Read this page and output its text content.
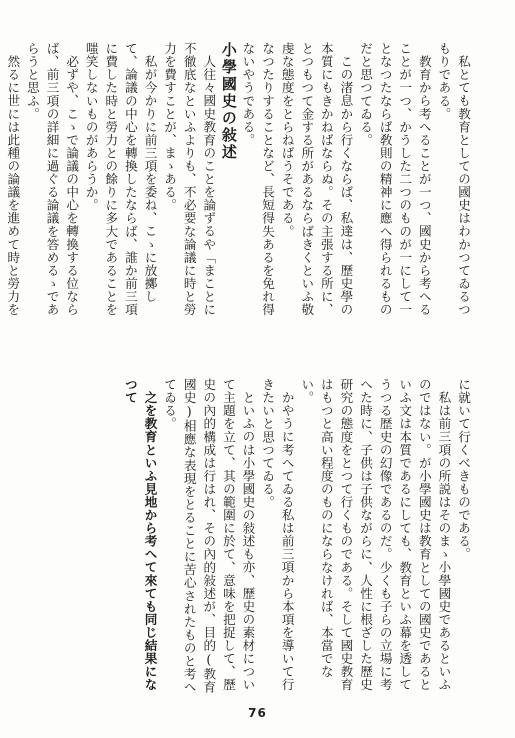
私とても教育としての國史はわかつてゐるつもりである。

教育から考へることが一つ、國史から考へることが一つ、かうした二つのものが一にして一となつたならば敎則の精神に應へ得られるものだと思つてゐる。

この渚息から行くならば、私達は、歷史學の本質にもきかねばならぬ。その主張する所に、とつもつて金する所があるならばきくといふ敬虔な態度をとらねばうそである。

なつたりすることなど、長短得失あるを免れ得ないやうである。

小學國史の敍述

人往々國史教育のことを論ずるや「まことに不徹底なといふよりも、不必要な論議に時と勞力を費すことが、まゝある。

私が今かりに前三項を委ね、こゝに放擲して、論議の中心を轉換したならば、誰か前三項に費した時と勞力との餘りに多大であることを嗤笑しないものがあらうか。

必ずや、こゝで論議の中心を轉換する位ならば、前三項の詳細に過ぐる論議を答めるゝであらうと思ふ。

然るに世には此種の論議を進めて時と勞力を

に就いて行くべきものである。

私は前三項の所説はそのまゝ小學國史であるといふのではない。が小學國史は教育としての國史であるといふ文は本質であるにしても、教育といふ幕を透してうつる歴史の幻像であるのだ。少くも子らの立場に考へた時に、子供は子供ながらに、人性に根ざした歷史研究の態度をとつて行くものである。そして國史教育はもつと高い程度のものにならなければ、本當でない。

かやうに考へてゐる私は前三項から本項を導いて行きたいと思つてゐる。

といふのは小學國史の敍述も亦、歷史の素材について主題を立て、其の範圍に於て、意味を把捉して、歷史の內的構成は行はれ、その內的敍述が、目的(教育國史)相應な表現をとることに苦心されたものと考へてゐる。

之を教育といふ見地から考へて來ても同じ結果になつて

76
